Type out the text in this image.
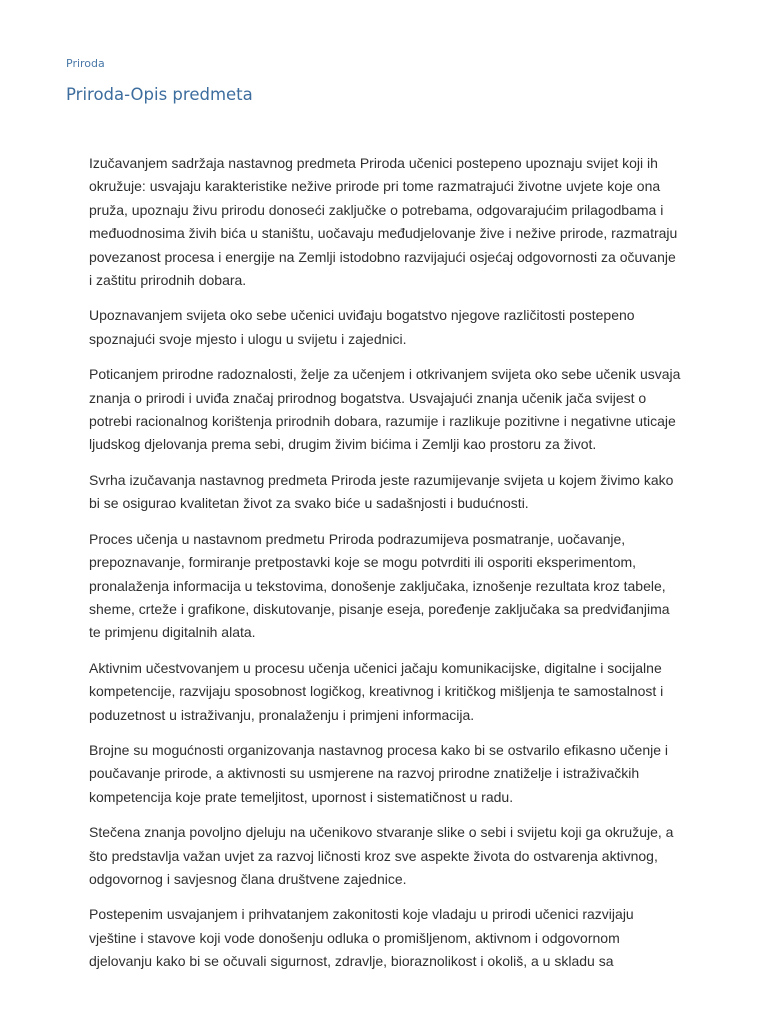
Priroda

Priroda-Opis predmeta

Izučavanjem sadržaja nastavnog predmeta Priroda učenici postepeno upoznaju svijet koji ih
okružuje: usvajaju karakteristike nežive prirode pri tome razmatrajući životne uvjete koje ona
pruža, upoznaju živu prirodu donoseći zaključke o potrebama, odgovarajućim prilagodbama i
međuodnosima živih bića u staništu, uočavaju međudjelovanje žive i nežive prirode, razmatraju
povezanost procesa i energije na Zemlji istodobno razvijajući osjećaj odgovornosti za očuvanje
i zaštitu prirodnih dobara.

Upoznavanjem svijeta oko sebe učenici uviđaju bogatstvo njegove različitosti postepeno
spoznajući svoje mjesto i ulogu u svijetu i zajednici.

Poticanjem prirodne radoznalosti, želje za učenjem i otkrivanjem svijeta oko sebe učenik usvaja
znanja o prirodi i uviđa značaj prirodnog bogatstva. Usvajajući znanja učenik jača svijest o
potrebi racionalnog korištenja prirodnih dobara, razumije i razlikuje pozitivne i negativne uticaje
ljudskog djelovanja prema sebi, drugim živim bićima i Zemlji kao prostoru za život.

Svrha izučavanja nastavnog predmeta Priroda jeste razumijevanje svijeta u kojem živimo kako
bi se osigurao kvalitetan život za svako biće u sadašnjosti i budućnosti.

Proces učenja u nastavnom predmetu Priroda podrazumijeva posmatranje, uočavanje,
prepoznavanje, formiranje pretpostavki koje se mogu potvrditi ili osporiti eksperimentom,
pronalaženja informacija u tekstovima, donošenje zaključaka, iznošenje rezultata kroz tabele,
sheme, crteže i grafikone, diskutovanje, pisanje eseja, poređenje zaključaka sa predviđanjima
te primjenu digitalnih alata.

Aktivnim učestvovanjem u procesu učenja učenici jačaju komunikacijske, digitalne i socijalne
kompetencije, razvijaju sposobnost logičkog, kreativnog i kritičkog mišljenja te samostalnost i
poduzetnost u istraživanju, pronalaženju i primjeni informacija.

Brojne su mogućnosti organizovanja nastavnog procesa kako bi se ostvarilo efikasno učenje i
poučavanje prirode, a aktivnosti su usmjerene na razvoj prirodne znatiželje i istraživačkih
kompetencija koje prate temeljitost, upornost i sistematičnost u radu.

Stečena znanja povoljno djeluju na učenikovo stvaranje slike o sebi i svijetu koji ga okružuje, a
što predstavlja važan uvjet za razvoj ličnosti kroz sve aspekte života do ostvarenja aktivnog,
odgovornog i savjesnog člana društvene zajednice.

Postepenim usvajanjem i prihvatanjem zakonitosti koje vladaju u prirodi učenici razvijaju
vještine i stavove koji vode donošenju odluka o promišljenom, aktivnom i odgovornom
djelovanju kako bi se očuvali sigurnost, zdravlje, bioraznolikost i okoliš, a u skladu sa
